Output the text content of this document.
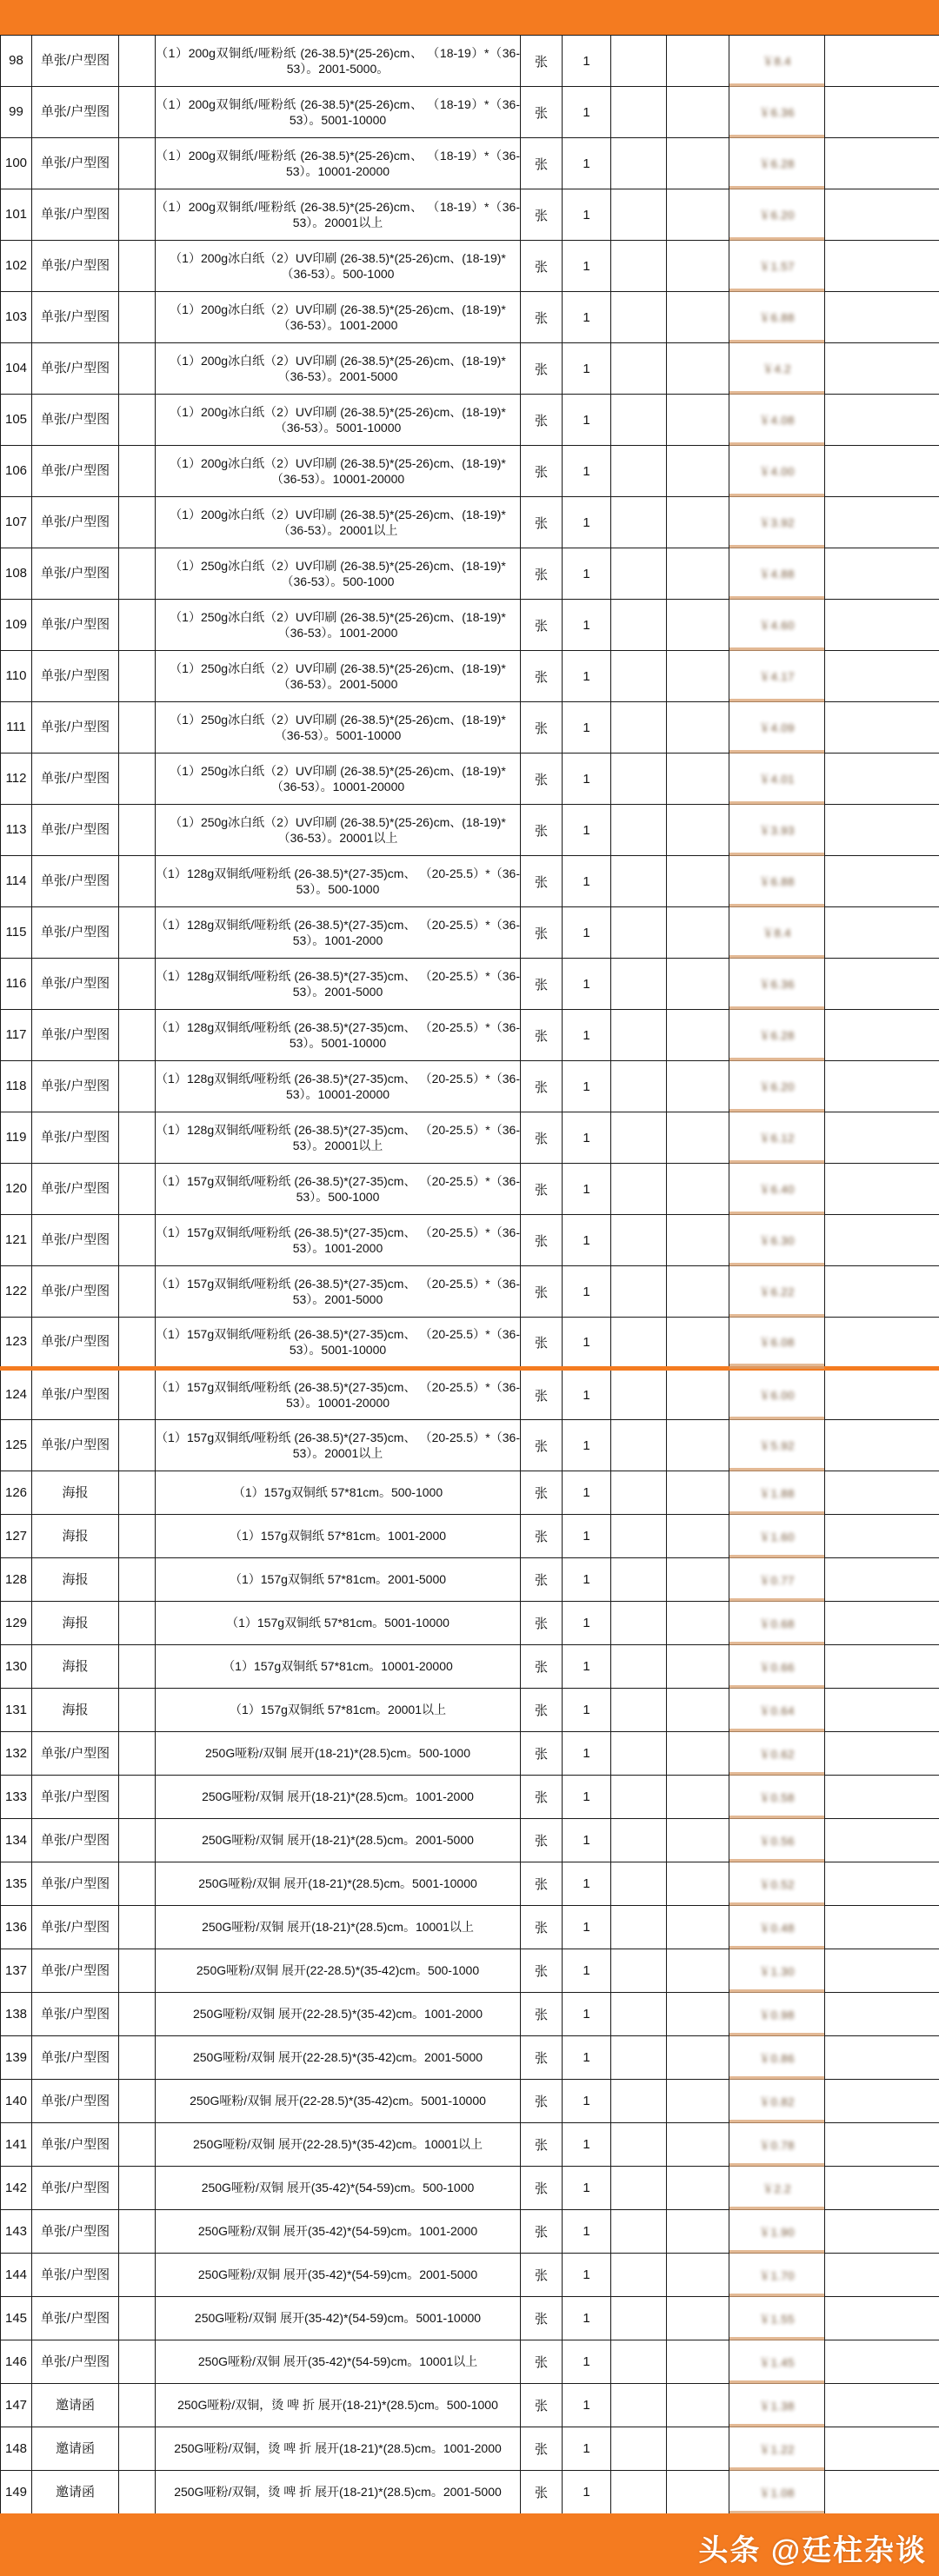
98	单张/户型图		（1）200g双铜纸/哑粉纸 (26-38.5)*(25-26)cm、 （18-19）*（36-53）。2001-5000。	张	1			￥8.4	
99	单张/户型图		（1）200g双铜纸/哑粉纸 (26-38.5)*(25-26)cm、 （18-19）*（36-53）。5001-10000	张	1			￥6.36	
100	单张/户型图		（1）200g双铜纸/哑粉纸 (26-38.5)*(25-26)cm、 （18-19）*（36-53）。10001-20000	张	1			￥6.28	
101	单张/户型图		（1）200g双铜纸/哑粉纸 (26-38.5)*(25-26)cm、 （18-19）*（36-53）。20001以上	张	1			￥6.20	
102	单张/户型图		（1）200g冰白纸（2）UV印刷 (26-38.5)*(25-26)cm、(18-19)*（36-53）。500-1000	张	1			￥1.57	
103	单张/户型图		（1）200g冰白纸（2）UV印刷 (26-38.5)*(25-26)cm、(18-19)*（36-53）。1001-2000	张	1			￥6.88	
104	单张/户型图		（1）200g冰白纸（2）UV印刷 (26-38.5)*(25-26)cm、(18-19)*（36-53）。2001-5000	张	1			￥4.2	
105	单张/户型图		（1）200g冰白纸（2）UV印刷 (26-38.5)*(25-26)cm、(18-19)*（36-53）。5001-10000	张	1			￥4.08	
106	单张/户型图		（1）200g冰白纸（2）UV印刷 (26-38.5)*(25-26)cm、(18-19)*（36-53）。10001-20000	张	1			￥4.00	
107	单张/户型图		（1）200g冰白纸（2）UV印刷 (26-38.5)*(25-26)cm、(18-19)*（36-53）。20001以上	张	1			￥3.92	
108	单张/户型图		（1）250g冰白纸（2）UV印刷 (26-38.5)*(25-26)cm、(18-19)*（36-53）。500-1000	张	1			￥4.88	
109	单张/户型图		（1）250g冰白纸（2）UV印刷 (26-38.5)*(25-26)cm、(18-19)*（36-53）。1001-2000	张	1			￥4.60	
110	单张/户型图		（1）250g冰白纸（2）UV印刷 (26-38.5)*(25-26)cm、(18-19)*（36-53）。2001-5000	张	1			￥4.17	
111	单张/户型图		（1）250g冰白纸（2）UV印刷 (26-38.5)*(25-26)cm、(18-19)*（36-53）。5001-10000	张	1			￥4.09	
112	单张/户型图		（1）250g冰白纸（2）UV印刷 (26-38.5)*(25-26)cm、(18-19)*（36-53）。10001-20000	张	1			￥4.01	
113	单张/户型图		（1）250g冰白纸（2）UV印刷 (26-38.5)*(25-26)cm、(18-19)*（36-53）。20001以上	张	1			￥3.93	
114	单张/户型图		（1）128g双铜纸/哑粉纸 (26-38.5)*(27-35)cm、 （20-25.5）*（36-53）。500-1000	张	1			￥6.88	
115	单张/户型图		（1）128g双铜纸/哑粉纸 (26-38.5)*(27-35)cm、 （20-25.5）*（36-53）。1001-2000	张	1			￥8.4	
116	单张/户型图		（1）128g双铜纸/哑粉纸 (26-38.5)*(27-35)cm、 （20-25.5）*（36-53）。2001-5000	张	1			￥6.36	
117	单张/户型图		（1）128g双铜纸/哑粉纸 (26-38.5)*(27-35)cm、 （20-25.5）*（36-53）。5001-10000	张	1			￥6.28	
118	单张/户型图		（1）128g双铜纸/哑粉纸 (26-38.5)*(27-35)cm、 （20-25.5）*（36-53）。10001-20000	张	1			￥6.20	
119	单张/户型图		（1）128g双铜纸/哑粉纸 (26-38.5)*(27-35)cm、 （20-25.5）*（36-53）。20001以上	张	1			￥6.12	
120	单张/户型图		（1）157g双铜纸/哑粉纸 (26-38.5)*(27-35)cm、 （20-25.5）*（36-53）。500-1000	张	1			￥6.40	
121	单张/户型图		（1）157g双铜纸/哑粉纸 (26-38.5)*(27-35)cm、 （20-25.5）*（36-53）。1001-2000	张	1			￥6.30	
122	单张/户型图		（1）157g双铜纸/哑粉纸 (26-38.5)*(27-35)cm、 （20-25.5）*（36-53）。2001-5000	张	1			￥6.22	
123	单张/户型图		（1）157g双铜纸/哑粉纸 (26-38.5)*(27-35)cm、 （20-25.5）*（36-53）。5001-10000	张	1			￥6.08	
124	单张/户型图		（1）157g双铜纸/哑粉纸 (26-38.5)*(27-35)cm、 （20-25.5）*（36-53）。10001-20000	张	1			￥6.00	
125	单张/户型图		（1）157g双铜纸/哑粉纸 (26-38.5)*(27-35)cm、 （20-25.5）*（36-53）。20001以上	张	1			￥5.92	
126	海报		（1）157g双铜纸 57*81cm。500-1000	张	1			￥1.88	
127	海报		（1）157g双铜纸 57*81cm。1001-2000	张	1			￥1.60	
128	海报		（1）157g双铜纸 57*81cm。2001-5000	张	1			￥0.77	
129	海报		（1）157g双铜纸 57*81cm。5001-10000	张	1			￥0.68	
130	海报		（1）157g双铜纸 57*81cm。10001-20000	张	1			￥0.66	
131	海报		（1）157g双铜纸 57*81cm。20001以上	张	1			￥0.64	
132	单张/户型图		250G哑粉/双铜 展开(18-21)*(28.5)cm。500-1000	张	1			￥0.62	
133	单张/户型图		250G哑粉/双铜 展开(18-21)*(28.5)cm。1001-2000	张	1			￥0.58	
134	单张/户型图		250G哑粉/双铜 展开(18-21)*(28.5)cm。2001-5000	张	1			￥0.56	
135	单张/户型图		250G哑粉/双铜 展开(18-21)*(28.5)cm。5001-10000	张	1			￥0.52	
136	单张/户型图		250G哑粉/双铜 展开(18-21)*(28.5)cm。10001以上	张	1			￥0.48	
137	单张/户型图		250G哑粉/双铜 展开(22-28.5)*(35-42)cm。500-1000	张	1			￥1.30	
138	单张/户型图		250G哑粉/双铜 展开(22-28.5)*(35-42)cm。1001-2000	张	1			￥0.98	
139	单张/户型图		250G哑粉/双铜 展开(22-28.5)*(35-42)cm。2001-5000	张	1			￥0.86	
140	单张/户型图		250G哑粉/双铜 展开(22-28.5)*(35-42)cm。5001-10000	张	1			￥0.82	
141	单张/户型图		250G哑粉/双铜 展开(22-28.5)*(35-42)cm。10001以上	张	1			￥0.78	
142	单张/户型图		250G哑粉/双铜 展开(35-42)*(54-59)cm。500-1000	张	1			￥2.2	
143	单张/户型图		250G哑粉/双铜 展开(35-42)*(54-59)cm。1001-2000	张	1			￥1.90	
144	单张/户型图		250G哑粉/双铜 展开(35-42)*(54-59)cm。2001-5000	张	1			￥1.70	
145	单张/户型图		250G哑粉/双铜 展开(35-42)*(54-59)cm。5001-10000	张	1			￥1.55	
146	单张/户型图		250G哑粉/双铜 展开(35-42)*(54-59)cm。10001以上	张	1			￥1.45	
147	邀请函		250G哑粉/双铜，烫 啤 折 展开(18-21)*(28.5)cm。500-1000	张	1			￥1.38	
148	邀请函		250G哑粉/双铜，烫 啤 折 展开(18-21)*(28.5)cm。1001-2000	张	1			￥1.22	
149	邀请函		250G哑粉/双铜，烫 啤 折 展开(18-21)*(28.5)cm。2001-5000	张	1			￥1.08	
头条 @廷柱杂谈
